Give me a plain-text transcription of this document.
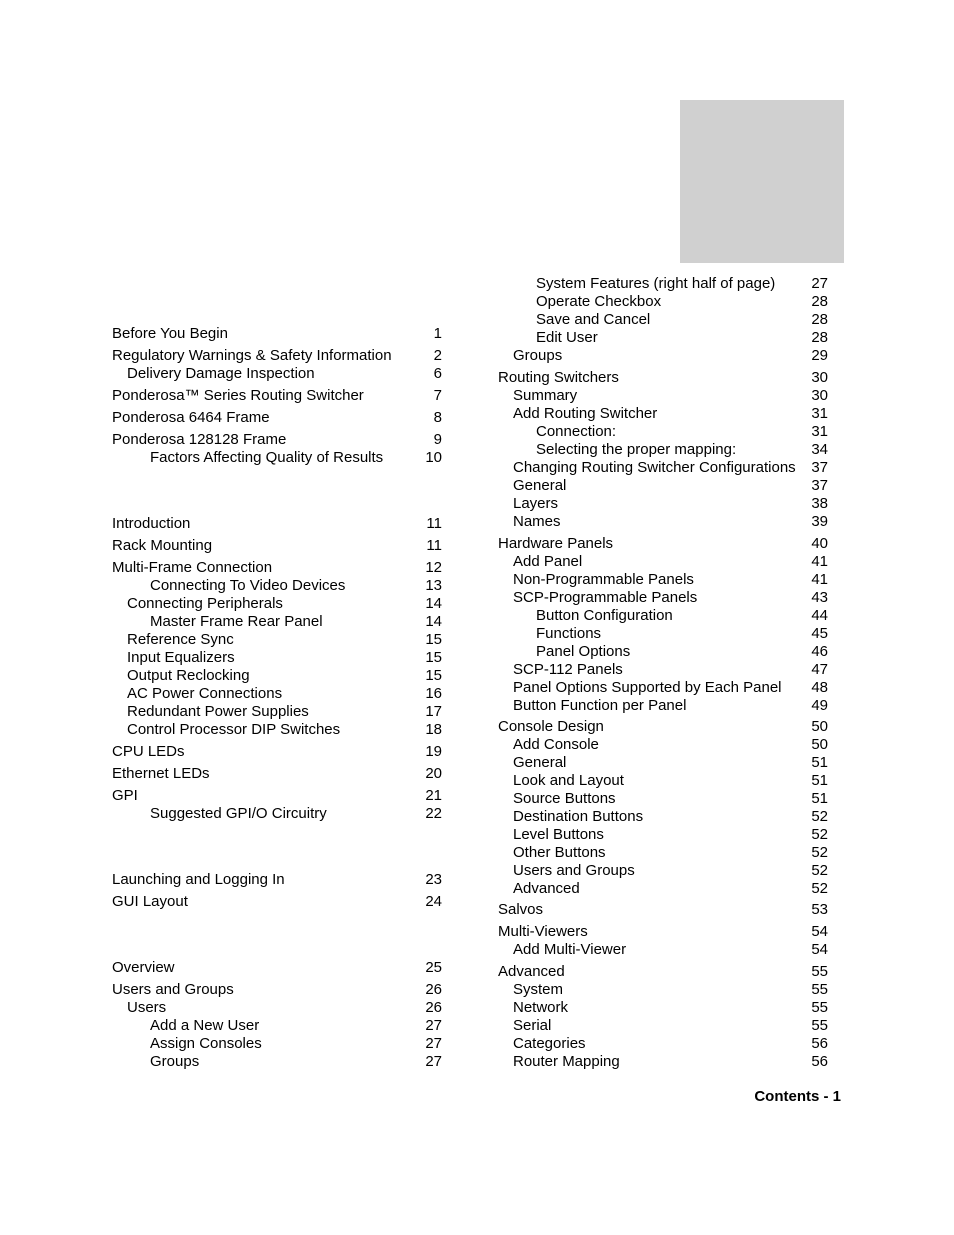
Before You Begin	1
Regulatory Warnings & Safety Information	2
Delivery Damage Inspection	6
Ponderosa™ Series Routing Switcher	7
Ponderosa 6464 Frame	8
Ponderosa 128128 Frame	9
Factors Affecting Quality of Results	10
Introduction	11
Rack Mounting	11
Multi-Frame Connection	12
Connecting To Video Devices	13
Connecting Peripherals	14
Master Frame Rear Panel	14
Reference Sync	15
Input Equalizers	15
Output Reclocking	15
AC Power Connections	16
Redundant Power Supplies	17
Control Processor DIP Switches	18
CPU LEDs	19
Ethernet LEDs	20
GPI	21
Suggested GPI/O Circuitry	22
Launching and Logging In	23
GUI Layout	24
Overview	25
Users and Groups	26
Users	26
Add a New User	27
Assign Consoles	27
Groups	27
System Features (right half of page) 27
Operate Checkbox	28
Save and Cancel	28
Edit User	28
Groups	29
Routing Switchers	30
Summary	30
Add Routing Switcher	31
Connection:	31
Selecting the proper mapping:	34
Changing Routing Switcher Configurations 37
General	37
Layers	38
Names	39
Hardware Panels	40
Add Panel	41
Non-Programmable Panels	41
SCP-Programmable Panels	43
Button Configuration	44
Functions	45
Panel Options	46
SCP-112 Panels	47
Panel Options Supported by Each Panel 48
Button Function per Panel	49
Console Design	50
Add Console	50
General	51
Look and Layout	51
Source Buttons	51
Destination Buttons	52
Level Buttons	52
Other Buttons	52
Users and Groups	52
Advanced	52
Salvos	53
Multi-Viewers	54
Add Multi-Viewer	54
Advanced	55
System	55
Network	55
Serial	55
Categories	56
Router Mapping	56
Contents - 1
